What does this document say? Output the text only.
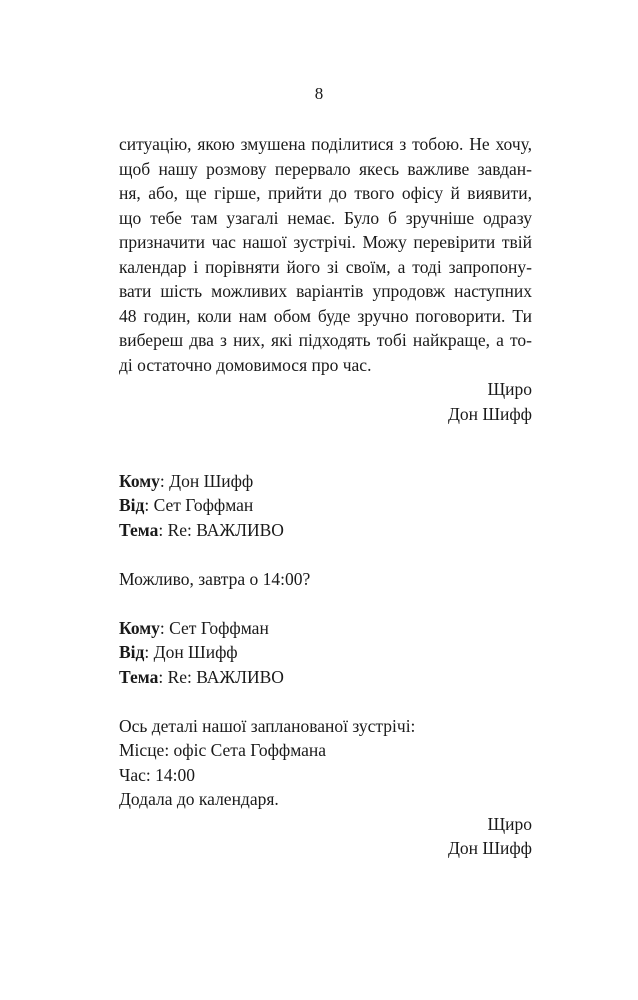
8
ситуацію, якою змушена поділитися з тобою. Не хочу,
щоб нашу розмову перервало якесь важливе завдан-
ня, або, ще гірше, прийти до твого офісу й виявити,
що тебе там узагалі немає. Було б зручніше одразу
призначити час нашої зустрічі. Можу перевірити твій
календар і порівняти його зі своїм, а тоді запропону-
вати шість можливих варіантів упродовж наступних
48 годин, коли нам обом буде зручно поговорити. Ти
вибереш два з них, які підходять тобі найкраще, а то-
ді остаточно домовимося про час.
Щиро
Дон Шифф
Кому: Дон Шифф
Від: Сет Гоффман
Тема: Re: ВАЖЛИВО
Можливо, завтра о 14:00?
Кому: Сет Гоффман
Від: Дон Шифф
Тема: Re: ВАЖЛИВО
Ось деталі нашої запланованої зустрічі:
Місце: офіс Сета Гоффмана
Час: 14:00
Додала до календаря.
Щиро
Дон Шифф
